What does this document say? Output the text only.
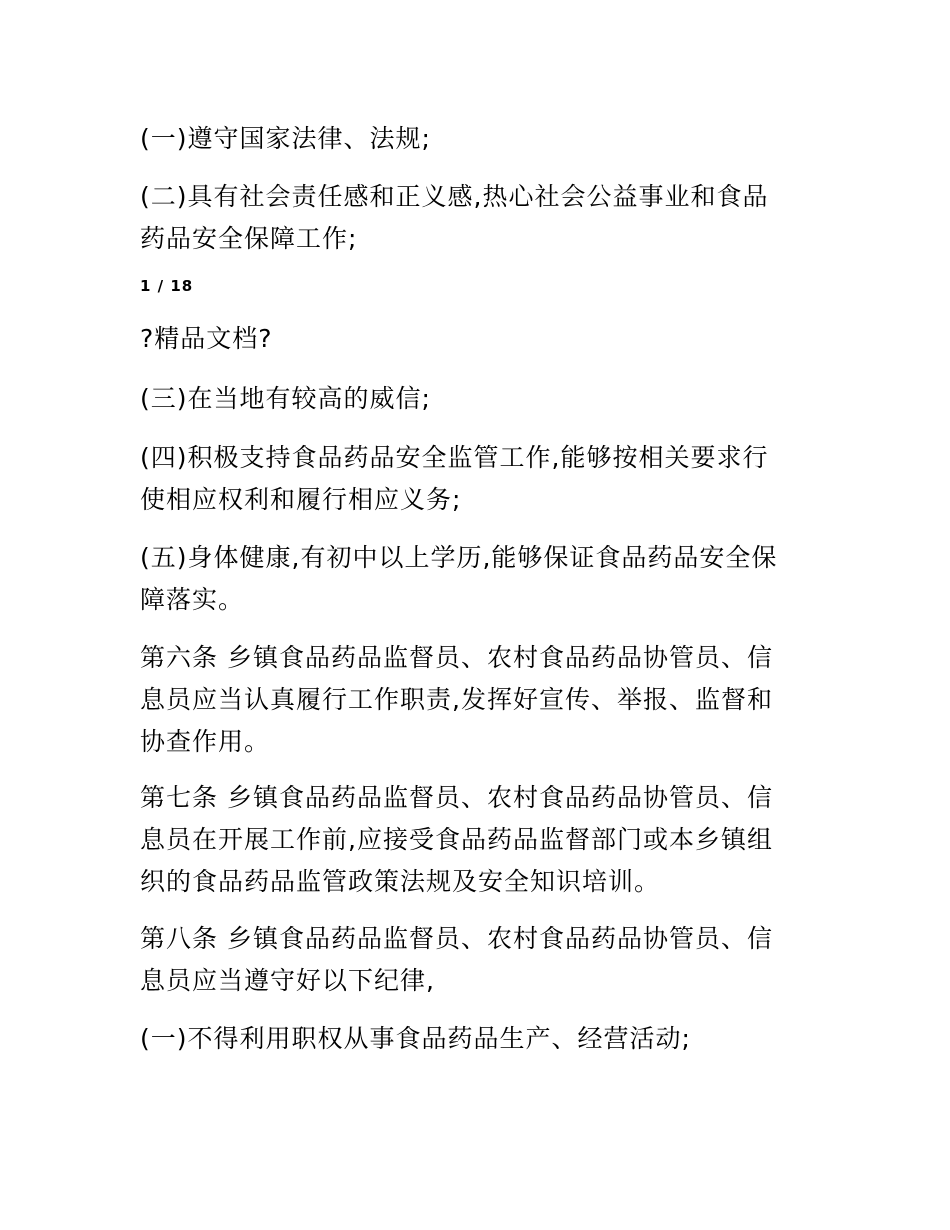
(一)遵守国家法律、法规;

(二)具有社会责任感和正义感,热心社会公益事业和食品
药品安全保障工作;

1 / 18

?精品文档?

(三)在当地有较高的威信;

(四)积极支持食品药品安全监管工作,能够按相关要求行
使相应权利和履行相应义务;

(五)身体健康,有初中以上学历,能够保证食品药品安全保
障落实。

第六条 乡镇食品药品监督员、农村食品药品协管员、信
息员应当认真履行工作职责,发挥好宣传、举报、监督和
协查作用。

第七条 乡镇食品药品监督员、农村食品药品协管员、信
息员在开展工作前,应接受食品药品监督部门或本乡镇组
织的食品药品监管政策法规及安全知识培训。

第八条 乡镇食品药品监督员、农村食品药品协管员、信
息员应当遵守好以下纪律,

(一)不得利用职权从事食品药品生产、经营活动;
